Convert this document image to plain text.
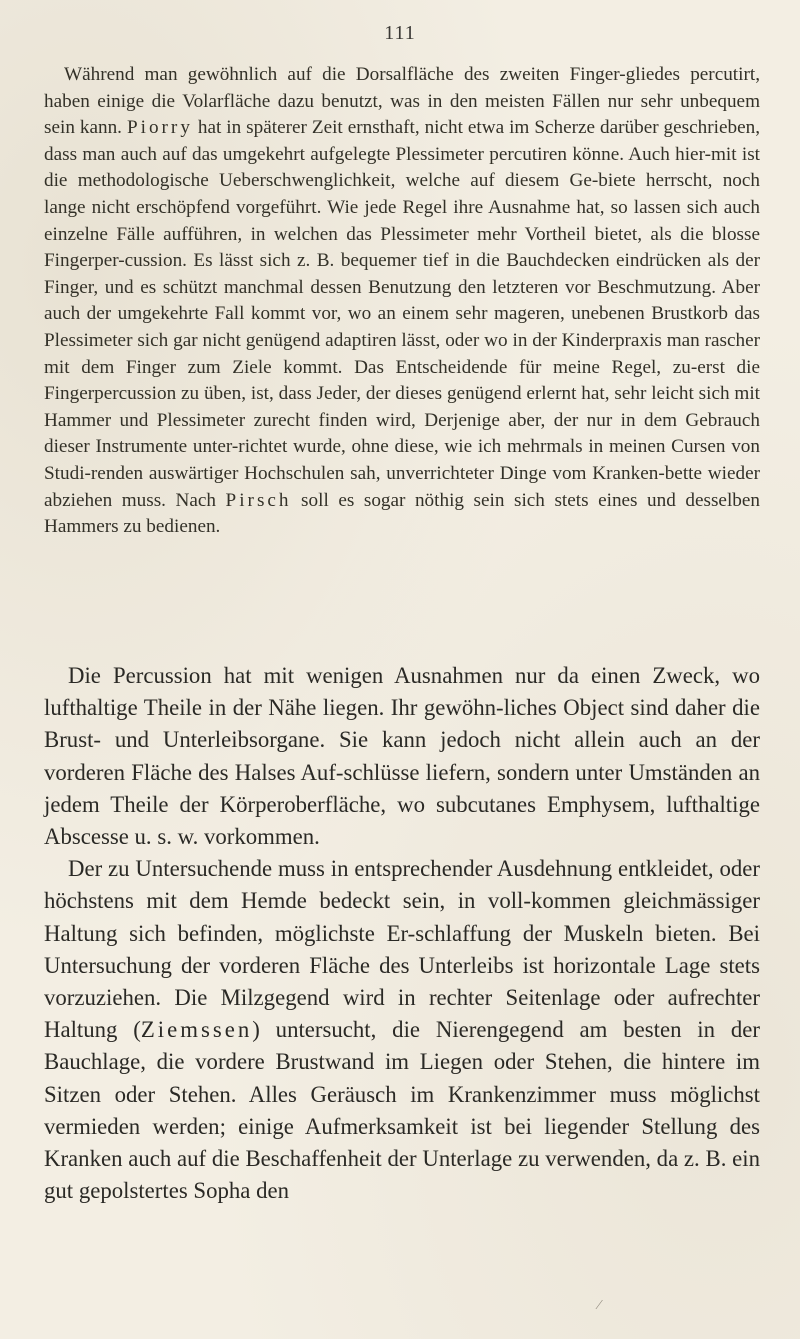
111

Während man gewöhnlich auf die Dorsalfläche des zweiten Finger-gliedes percutirt, haben einige die Volarfläche dazu benutzt, was in den meisten Fällen nur sehr unbequem sein kann. Piorry hat in späterer Zeit ernsthaft, nicht etwa im Scherze darüber geschrieben, dass man auch auf das umgekehrt aufgelegte Plessimeter percutiren könne. Auch hier-mit ist die methodologische Ueberschwenglichkeit, welche auf diesem Ge-biete herrscht, noch lange nicht erschöpfend vorgeführt. Wie jede Regel ihre Ausnahme hat, so lassen sich auch einzelne Fälle aufführen, in welchen das Plessimeter mehr Vortheil bietet, als die blosse Fingerper-cussion. Es lässt sich z. B. bequemer tief in die Bauchdecken eindrücken als der Finger, und es schützt manchmal dessen Benutzung den letzteren vor Beschmutzung. Aber auch der umgekehrte Fall kommt vor, wo an einem sehr mageren, unebenen Brustkorb das Plessimeter sich gar nicht genügend adaptiren lässt, oder wo in der Kinderpraxis man rascher mit dem Finger zum Ziele kommt. Das Entscheidende für meine Regel, zu-erst die Fingerpercussion zu üben, ist, dass Jeder, der dieses genügend erlernt hat, sehr leicht sich mit Hammer und Plessimeter zurecht finden wird, Derjenige aber, der nur in dem Gebrauch dieser Instrumente unter-richtet wurde, ohne diese, wie ich mehrmals in meinen Cursen von Studi-renden auswärtiger Hochschulen sah, unverrichteter Dinge vom Kranken-bette wieder abziehen muss. Nach Pirsch soll es sogar nöthig sein sich stets eines und desselben Hammers zu bedienen.

Die Percussion hat mit wenigen Ausnahmen nur da einen Zweck, wo lufthaltige Theile in der Nähe liegen. Ihr gewöhn-liches Object sind daher die Brust- und Unterleibsorgane. Sie kann jedoch nicht allein auch an der vorderen Fläche des Halses Auf-schlüsse liefern, sondern unter Umständen an jedem Theile der Körperoberfläche, wo subcutanes Emphysem, lufthaltige Abscesse u. s. w. vorkommen.

Der zu Untersuchende muss in entsprechender Ausdehnung entkleidet, oder höchstens mit dem Hemde bedeckt sein, in voll-kommen gleichmässiger Haltung sich befinden, möglichste Er-schlaffung der Muskeln bieten. Bei Untersuchung der vorderen Fläche des Unterleibs ist horizontale Lage stets vorzuziehen. Die Milzgegend wird in rechter Seitenlage oder aufrechter Haltung (Ziemssen) untersucht, die Nierengegend am besten in der Bauchlage, die vordere Brustwand im Liegen oder Stehen, die hintere im Sitzen oder Stehen. Alles Geräusch im Krankenzimmer muss möglichst vermieden werden; einige Aufmerksamkeit ist bei liegender Stellung des Kranken auch auf die Beschaffenheit der Unterlage zu verwenden, da z. B. ein gut gepolstertes Sopha den

⁄
